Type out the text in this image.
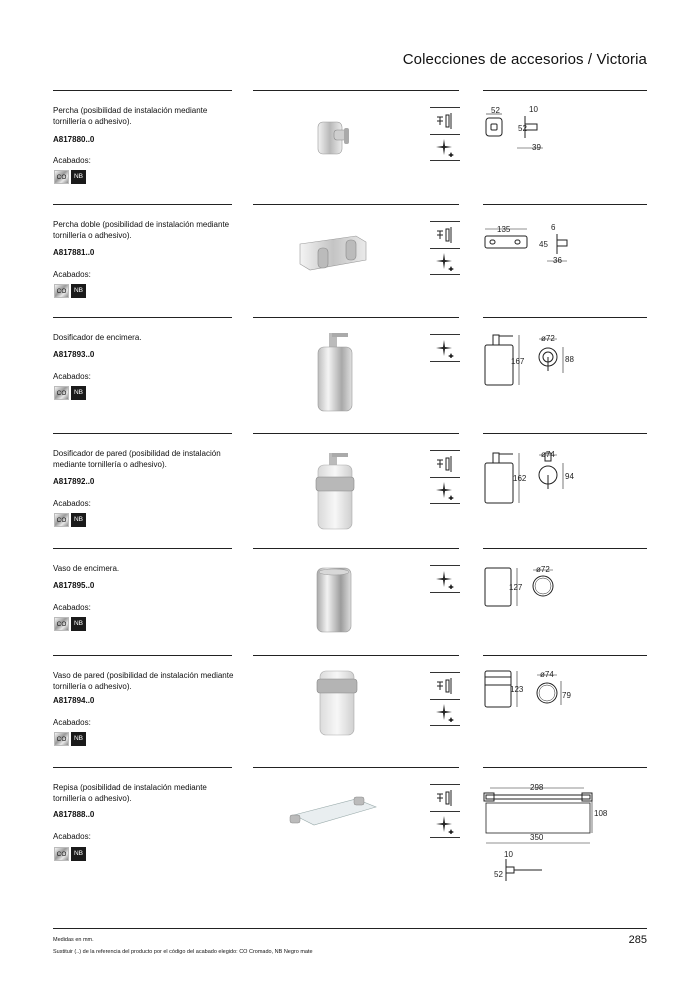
Colecciones de accesorios / Victoria
Percha (posibilidad de instalación mediante tornillería o adhesivo).
A817880..0
Acabados:
CO	NB
52	10
52
39
Percha doble (posibilidad de instalación mediante tornillería o adhesivo).
A817881..0
Acabados:
CO	NB
135	6
45
36
Dosificador de encimera.
A817893..0
Acabados:
CO	NB
167
ø72
88
Dosificador de pared (posibilidad de instalación mediante tornillería o adhesivo).
A817892..0
Acabados:
CO	NB
162
ø74
94
Vaso de encimera.
A817895..0
Acabados:
CO	NB
127
ø72
Vaso de pared (posibilidad de instalación mediante tornillería o adhesivo).
A817894..0
Acabados:
CO	NB
123
ø74
79
Repisa (posibilidad de instalación mediante tornillería o adhesivo).
A817888..0
Acabados:
CO	NB
298
108
350
10
52
Medidas en mm.
Sustituir (..) de la referencia del producto por el código del acabado elegido: CO Cromado, NB Negro mate
285
